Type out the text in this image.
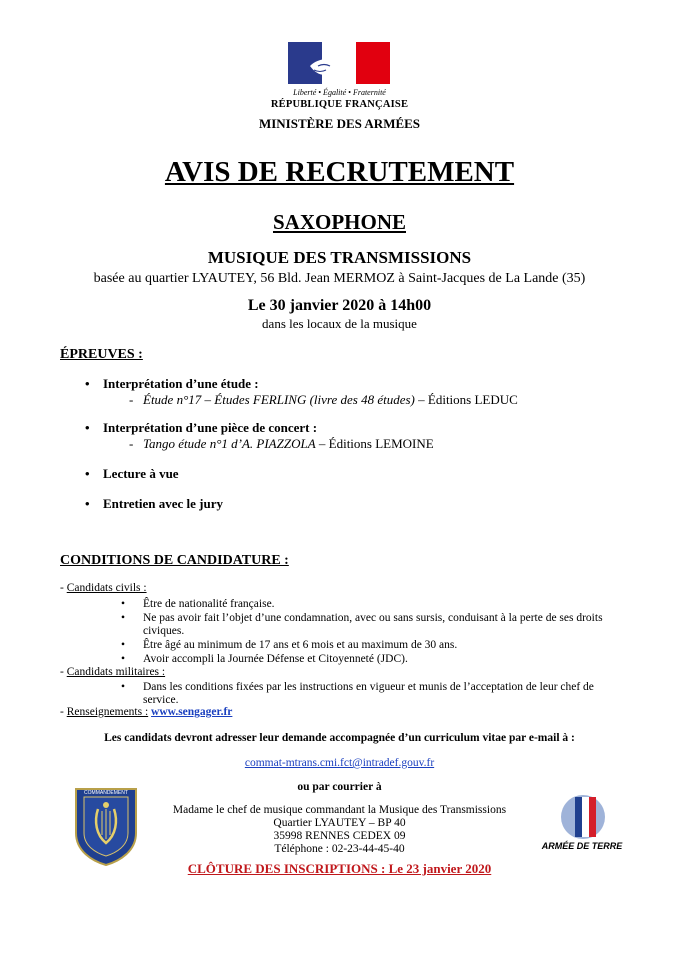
Liberté • Égalité • Fraternité
RÉPUBLIQUE FRANÇAISE
MINISTÈRE DES ARMÉES
AVIS DE RECRUTEMENT
SAXOPHONE
MUSIQUE DES TRANSMISSIONS
basée au quartier LYAUTEY, 56 Bld. Jean MERMOZ à Saint-Jacques de La Lande (35)
Le 30 janvier 2020 à 14h00
dans les locaux de la musique
ÉPREUVES :
• Interprétation d’une étude :
- Étude n°17 – Études FERLING (livre des 48 études) – Éditions LEDUC
• Interprétation d’une pièce de concert :
- Tango étude n°1 d’A. PIAZZOLA – Éditions LEMOINE
• Lecture à vue
• Entretien avec le jury
CONDITIONS DE CANDIDATURE :
- Candidats civils :
• Être de nationalité française.
• Ne pas avoir fait l’objet d’une condamnation, avec ou sans sursis, conduisant à la perte de ses droits
civiques.
• Être âgé au minimum de 17 ans et 6 mois et au maximum de 30 ans.
• Avoir accompli la Journée Défense et Citoyenneté (JDC).
- Candidats militaires :
• Dans les conditions fixées par les instructions en vigueur et munis de l’acceptation de leur chef de
service.
- Renseignements : www.sengager.fr
Les candidats devront adresser leur demande accompagnée d’un curriculum vitae par e-mail à :
commat-mtrans.cmi.fct@intradef.gouv.fr
ou par courrier à
Madame le chef de musique commandant la Musique des Transmissions
Quartier LYAUTEY – BP 40
35998 RENNES CEDEX 09
Téléphone : 02-23-44-45-40
CLÔTURE DES INSCRIPTIONS : Le 23 janvier 2020
COMMANDEMENT
ARMÉE DE TERRE
